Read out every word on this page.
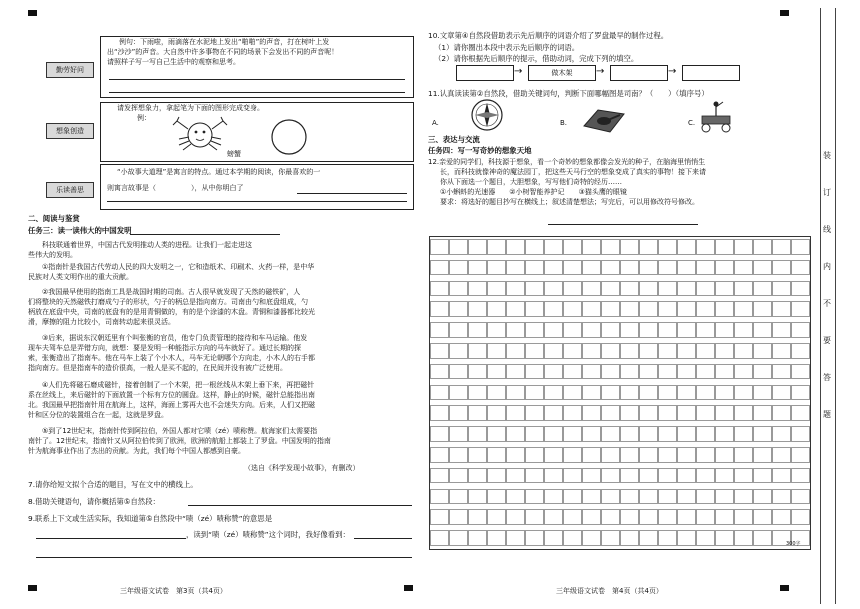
勤劳好问
例句：下雨啦，雨滴落在水泥地上发出“啪啪”的声音，打在树叶上发
出“沙沙”的声音。大自然中许多事物在不同的场景下会发出不同的声音呢！
请照样子写一写自己生活中的观察和思考。
想象创造
请发挥想象力，拿起笔为下面的图形完成变身。
例：
螃蟹
乐读善思
“小故事大道理”是寓言的特点。通过本学期的阅读，你最喜欢的一
则寓言故事是（　　　　　），从中你明白了
二、阅读与鉴赏
任务三：读一读伟大的中国发明
科技联通着世界，中国古代发明推动人类的进程。让我们一起走进这
些伟大的发明。
①指南针是我国古代劳动人民的四大发明之一，它和造纸术、印刷术、火药一样，是中华
民族对人类文明作出的重大贡献。
②我国最早使用的指南工具是战国时期的司南。古人很早就发现了天然的磁铁矿，人
们将整块的天然磁铁打磨成勺子的形状，勺子的柄总是指向南方。司南由勺和底盘组成，勺
柄放在底盘中央，司南的底盘有的是用青铜做的，有的是个涂漆的木盘。青铜和漆器都比较光
滑，摩擦的阻力比较小，司南转动起来很灵活。
③后来，据说东汉朝廷里有个叫张衡的官员，他专门负责管理的接待和车马运输。他发
现车夫驾车总是弄错方向，就想：要是发明一种能指示方向的马车就好了。通过长期的探
索，张衡造出了指南车。他在马车上装了个小木人，马车无论朝哪个方向走，小木人的右手都
指向南方。但是指南车的造价很高，一般人是买不起的，在民间并没有被广泛使用。
④人们先将磁石磨成磁针，接着创制了一个木架，把一根丝线从木架上垂下来，再把磁针
系在丝线上，来后磁针的下面放置一个标有方位的圆盘。这样，静止的时候，磁针总能指出南
北。我国最早把指南针用在航海上，这样，海面上雾再大也不会迷失方向。后来，人们又把磁
针和区分位的装置组合在一起，这就是罗盘。
⑤到了12世纪末，指南针传到阿拉伯，外国人都对它啧（zé）啧称赞。航海家们太需要指
南针了。12世纪末，指南针又从阿拉伯传到了欧洲，欧洲的航船上都装上了罗盘。中国发明的指南
针为航海事业作出了杰出的贡献。为此，我们每个中国人都感到自豪。
（选自《科学发现小故事》，有删改）
7.请你给短文拟个合适的题目，写在文中的横线上。
8.借助关键语句，请你概括第⑤自然段：
9.联系上下文或生活实际，我知道第⑤自然段中“啧（zé）啧称赞”的意思是
，读到“啧（zé）啧称赞”这个词时，我好像看到：
三年级语文试卷　第3页（共4页）
10.文章第④自然段借助表示先后顺序的词语介绍了罗盘最早的制作过程。
（1）请你圈出本段中表示先后顺序的词语。
（2）请你根据先后顺序的提示，借助动词，完成下列的填空。
→	做木架	→	→
11.认真读读第②自然段，借助关键词句，判断下面哪幅图是司南？（　　）（填序号）
A.	B.	C.
三、表达与交流
任务四：写一写奇妙的想象天地
12.亲爱的同学们，科技源于想象，看一个奇妙的想象都像会发光的种子，在脑海里悄悄生
长，而科技就像神奇的魔法园丁，把这些天马行空的想象变成了真实的事物！接下来请
你从下面选一个题目，大胆想象，写写他们奇特的经历……
①小蝌蚪的光速器　　②小树智能养护记　　③猫头鹰的眼镜
要求：将选好的题目抄写在横线上；叙述清楚想法；写完后，可以用修改符号修改。
300字
三年级语文试卷　第4页（共4页）
装
订
线
内
不
要
答
题
